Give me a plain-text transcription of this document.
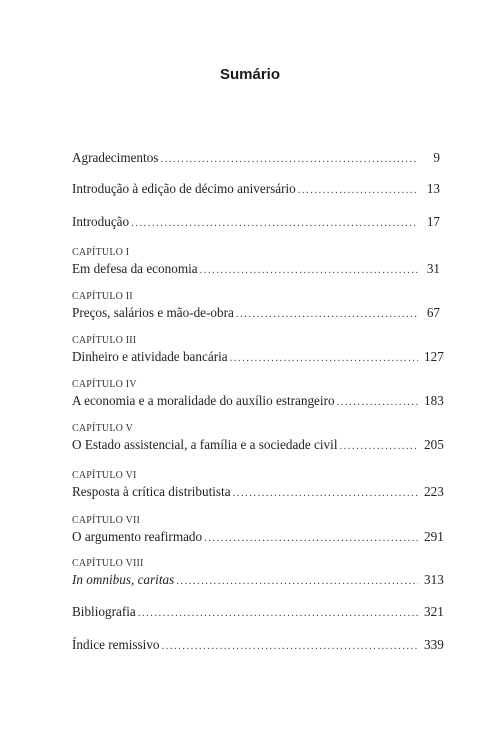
Sumário
Agradecimentos .....	9
Introdução à edição de décimo aniversário .....	13
Introdução .....	17
CAPÍTULO I
Em defesa da economia .....	31
CAPÍTULO II
Preços, salários e mão-de-obra .....	67
CAPÍTULO III
Dinheiro e atividade bancária .....	127
CAPÍTULO IV
A economia e a moralidade do auxílio estrangeiro .....	183
CAPÍTULO V
O Estado assistencial, a família e a sociedade civil .....	205
CAPÍTULO VI
Resposta à crítica distributista .....	223
CAPÍTULO VII
O argumento reafirmado .....	291
CAPÍTULO VIII
In omnibus, caritas .....	313
Bibliografia .....	321
Índice remissivo .....	339
